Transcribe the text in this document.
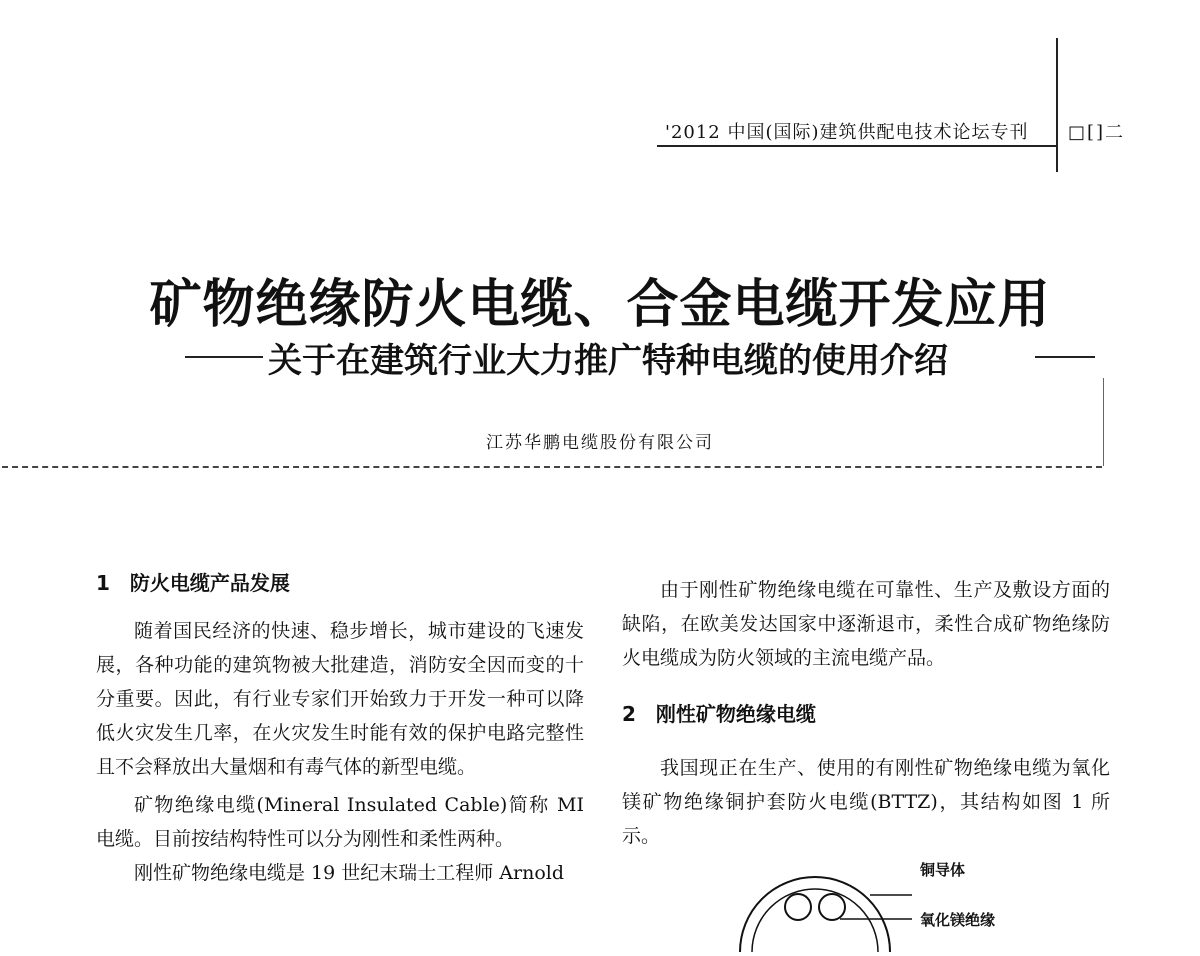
'2012 中国(国际)建筑供配电技术论坛专刊 □[]二
矿物绝缘防火电缆、合金电缆开发应用
关于在建筑行业大力推广特种电缆的使用介绍
江苏华鹏电缆股份有限公司
1　防火电缆产品发展

随着国民经济的快速、稳步增长，城市建设的飞速发展，各种功能的建筑物被大批建造，消防安全因而变的十分重要。因此，有行业专家们开始致力于开发一种可以降低火灾发生几率，在火灾发生时能有效的保护电路完整性且不会释放出大量烟和有毒气体的新型电缆。

矿物绝缘电缆(Mineral Insulated Cable)简称 MI 电缆。目前按结构特性可以分为刚性和柔性两种。

刚性矿物绝缘电缆是 19 世纪末瑞士工程师 Arnold

由于刚性矿物绝缘电缆在可靠性、生产及敷设方面的缺陷，在欧美发达国家中逐渐退市，柔性合成矿物绝缘防火电缆成为防火领域的主流电缆产品。

2　刚性矿物绝缘电缆

我国现正在生产、使用的有刚性矿物绝缘电缆为氧化镁矿物绝缘铜护套防火电缆(BTTZ)，其结构如图 1 所示。

铜导体
氧化镁绝缘
